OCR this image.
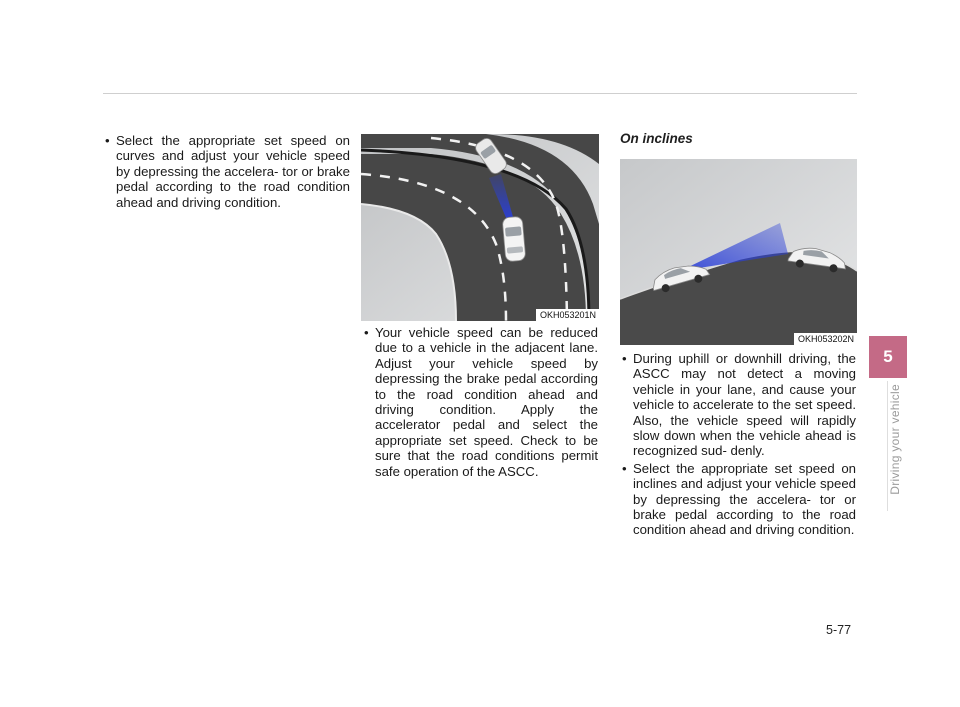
• Select the appropriate set speed on curves and adjust your vehicle speed by depressing the accelera- tor or brake pedal according to the road condition ahead and driving condition.
OKH053201N
• Your vehicle speed can be reduced due to a vehicle in the adjacent lane. Adjust your vehicle speed by depressing the brake pedal according to the road condition ahead and driving condition. Apply the accelerator pedal and select the appropriate set speed. Check to be sure that the road conditions permit safe operation of the ASCC.
On inclines
OKH053202N
• During uphill or downhill driving, the ASCC may not detect a moving vehicle in your lane, and cause your vehicle to accelerate to the set speed. Also, the vehicle speed will rapidly slow down when the vehicle ahead is recognized sud- denly.
• Select the appropriate set speed on inclines and adjust your vehicle speed by depressing the accelera- tor or brake pedal according to the road condition ahead and driving condition.
5
Driving your vehicle
5-77
